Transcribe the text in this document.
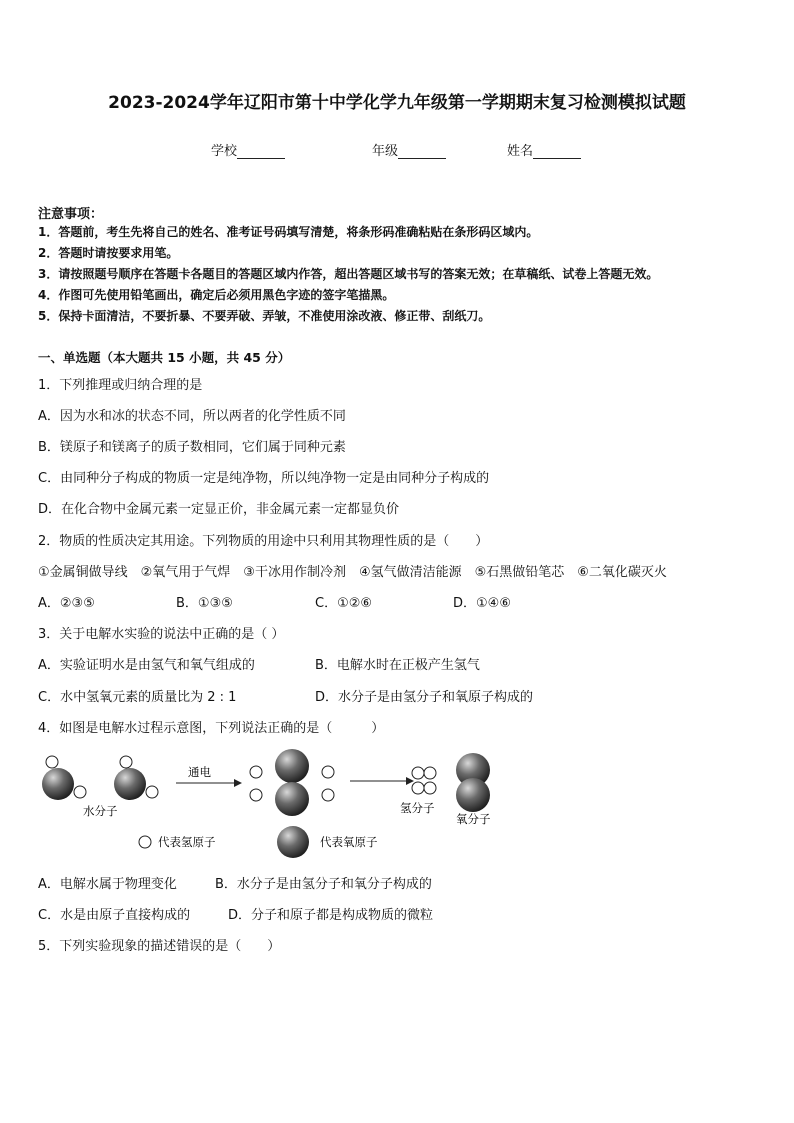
2023-2024学年辽阳市第十中学化学九年级第一学期期末复习检测模拟试题
学校	年级	姓名
注意事项：
1．答题前，考生先将自己的姓名、准考证号码填写清楚，将条形码准确粘贴在条形码区域内。
2．答题时请按要求用笔。
3．请按照题号顺序在答题卡各题目的答题区域内作答，超出答题区域书写的答案无效；在草稿纸、试卷上答题无效。
4．作图可先使用铅笔画出，确定后必须用黑色字迹的签字笔描黑。
5．保持卡面清洁，不要折暴、不要弄破、弄皱，不准使用涂改液、修正带、刮纸刀。
一、单选题（本大题共 15 小题，共 45 分）
1．下列推理或归纳合理的是
A．因为水和冰的状态不同，所以两者的化学性质不同
B．镁原子和镁离子的质子数相同，它们属于同种元素
C．由同种分子构成的物质一定是纯净物，所以纯净物一定是由同种分子构成的
D．在化合物中金属元素一定显正价，非金属元素一定都显负价
2．物质的性质决定其用途。下列物质的用途中只利用其物理性质的是（　　）
①金属铜做导线　②氧气用于气焊　③干冰用作制冷剂　④氢气做清洁能源　⑤石黑做铅笔芯　⑥二氧化碳灭火
A．②③⑤	B．①③⑤	C．①②⑥	D．①④⑥
3．关于电解水实验的说法中正确的是（ ）
A．实验证明水是由氢气和氧气组成的	B．电解水时在正极产生氢气
C．水中氢氧元素的质量比为 2 : 1	D．水分子是由氢分子和氧原子构成的
4．如图是电解水过程示意图，下列说法正确的是（　　　）
水分子
通电
氢分子
氧分子
代表氢原子	代表氧原子
A．电解水属于物理变化	B．水分子是由氢分子和氧分子构成的
C．水是由原子直接构成的	D．分子和原子都是构成物质的微粒
5．下列实验现象的描述错误的是（　　）
